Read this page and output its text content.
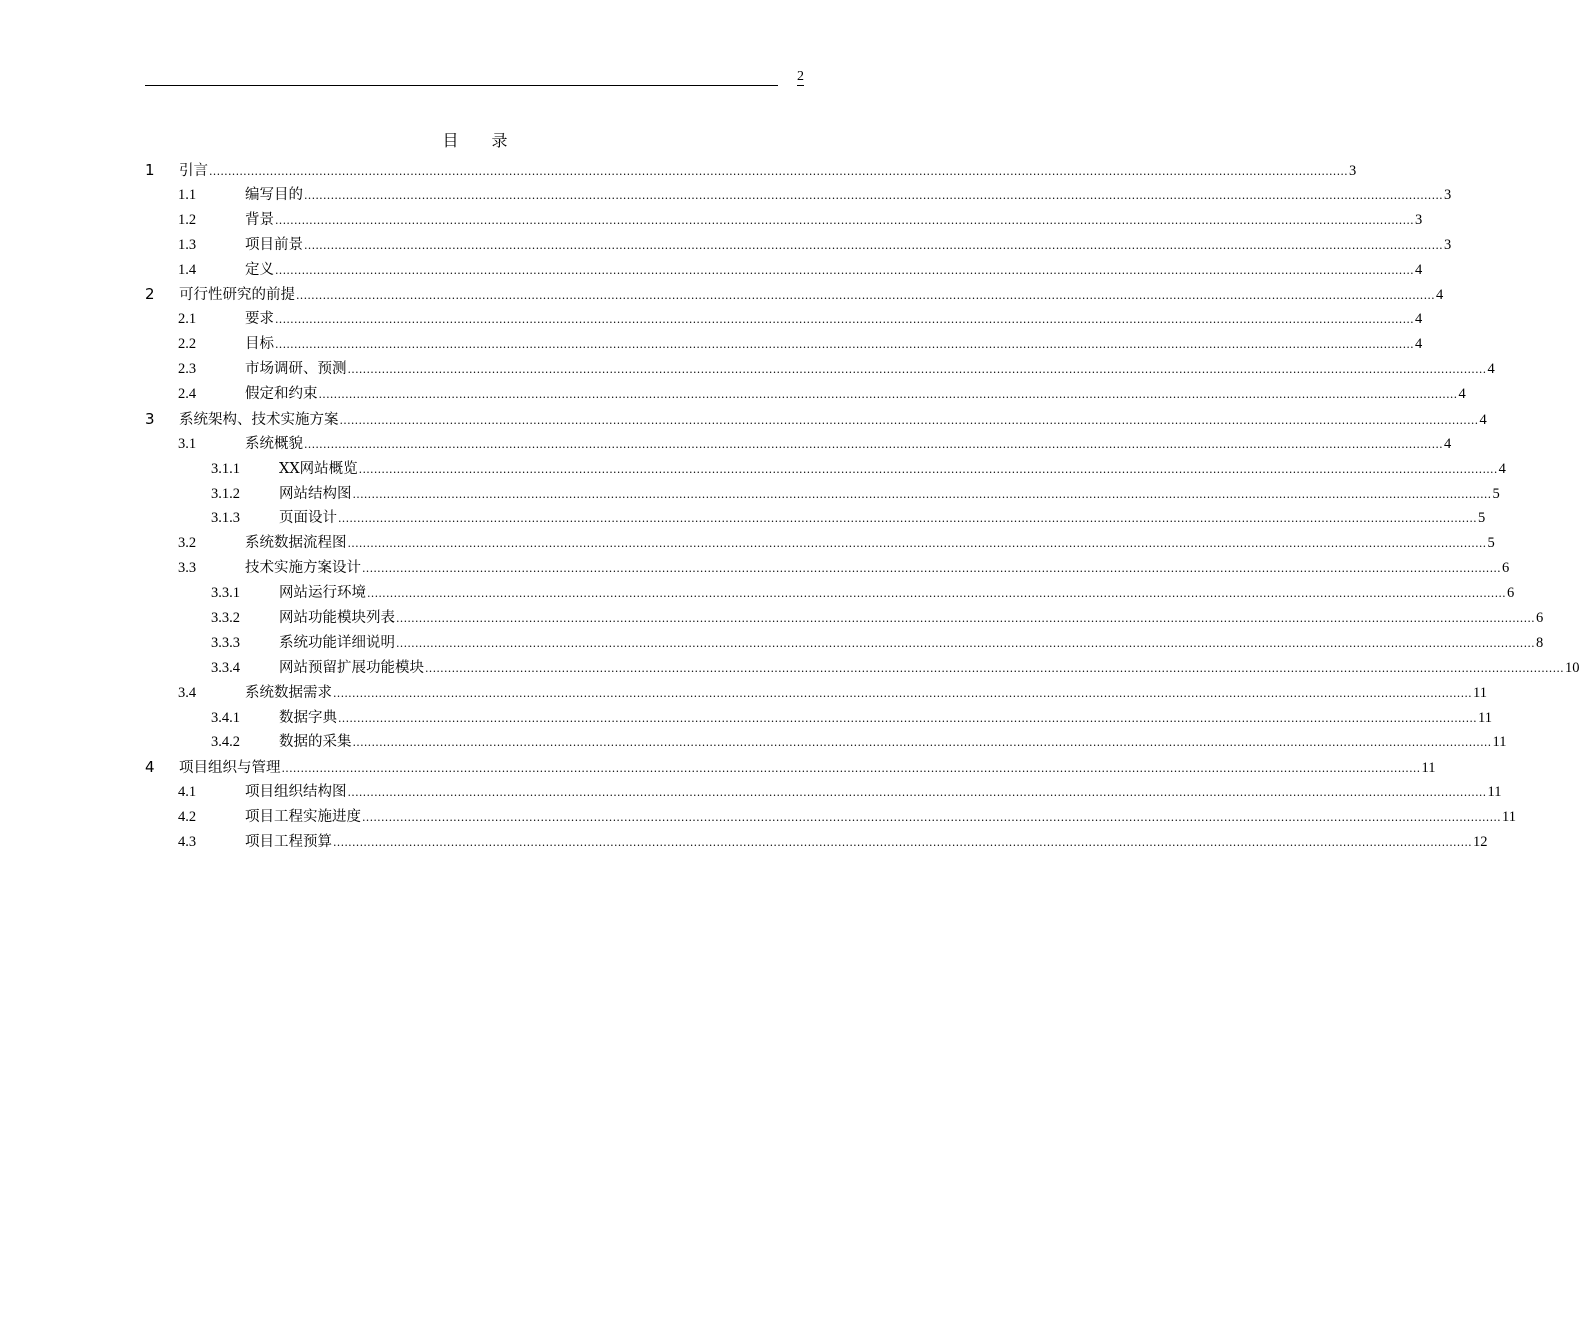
2
目 录
1	引言 ............................................................................................................................................................................................................................................................................................................ 3
1.1	编写目的 ............................................................................................................................................................................................................................................................................................................ 3
1.2	背景 ............................................................................................................................................................................................................................................................................................................ 3
1.3	项目前景 ............................................................................................................................................................................................................................................................................................................ 3
1.4	定义 ............................................................................................................................................................................................................................................................................................................ 4
2	可行性研究的前提 ............................................................................................................................................................................................................................................................................................................ 4
2.1	要求 ............................................................................................................................................................................................................................................................................................................ 4
2.2	目标 ............................................................................................................................................................................................................................................................................................................ 4
2.3	市场调研、预测 ............................................................................................................................................................................................................................................................................................................ 4
2.4	假定和约束 ............................................................................................................................................................................................................................................................................................................ 4
3	系统架构、技术实施方案 ............................................................................................................................................................................................................................................................................................................ 4
3.1	系统概貌 ............................................................................................................................................................................................................................................................................................................ 4
3.1.1	XX网站概览 ............................................................................................................................................................................................................................................................................................................ 4
3.1.2	网站结构图 ............................................................................................................................................................................................................................................................................................................ 5
3.1.3	页面设计 ............................................................................................................................................................................................................................................................................................................ 5
3.2	系统数据流程图 ............................................................................................................................................................................................................................................................................................................ 5
3.3	技术实施方案设计 ............................................................................................................................................................................................................................................................................................................ 6
3.3.1	网站运行环境 ............................................................................................................................................................................................................................................................................................................ 6
3.3.2	网站功能模块列表 ............................................................................................................................................................................................................................................................................................................ 6
3.3.3	系统功能详细说明 ............................................................................................................................................................................................................................................................................................................ 8
3.3.4	网站预留扩展功能模块 ............................................................................................................................................................................................................................................................................................................ 10
3.4	系统数据需求 ............................................................................................................................................................................................................................................................................................................ 11
3.4.1	数据字典 ............................................................................................................................................................................................................................................................................................................ 11
3.4.2	数据的采集 ............................................................................................................................................................................................................................................................................................................ 11
4	项目组织与管理 ............................................................................................................................................................................................................................................................................................................ 11
4.1	项目组织结构图 ............................................................................................................................................................................................................................................................................................................ 11
4.2	项目工程实施进度 ............................................................................................................................................................................................................................................................................................................ 11
4.3	项目工程预算 ............................................................................................................................................................................................................................................................................................................ 12
